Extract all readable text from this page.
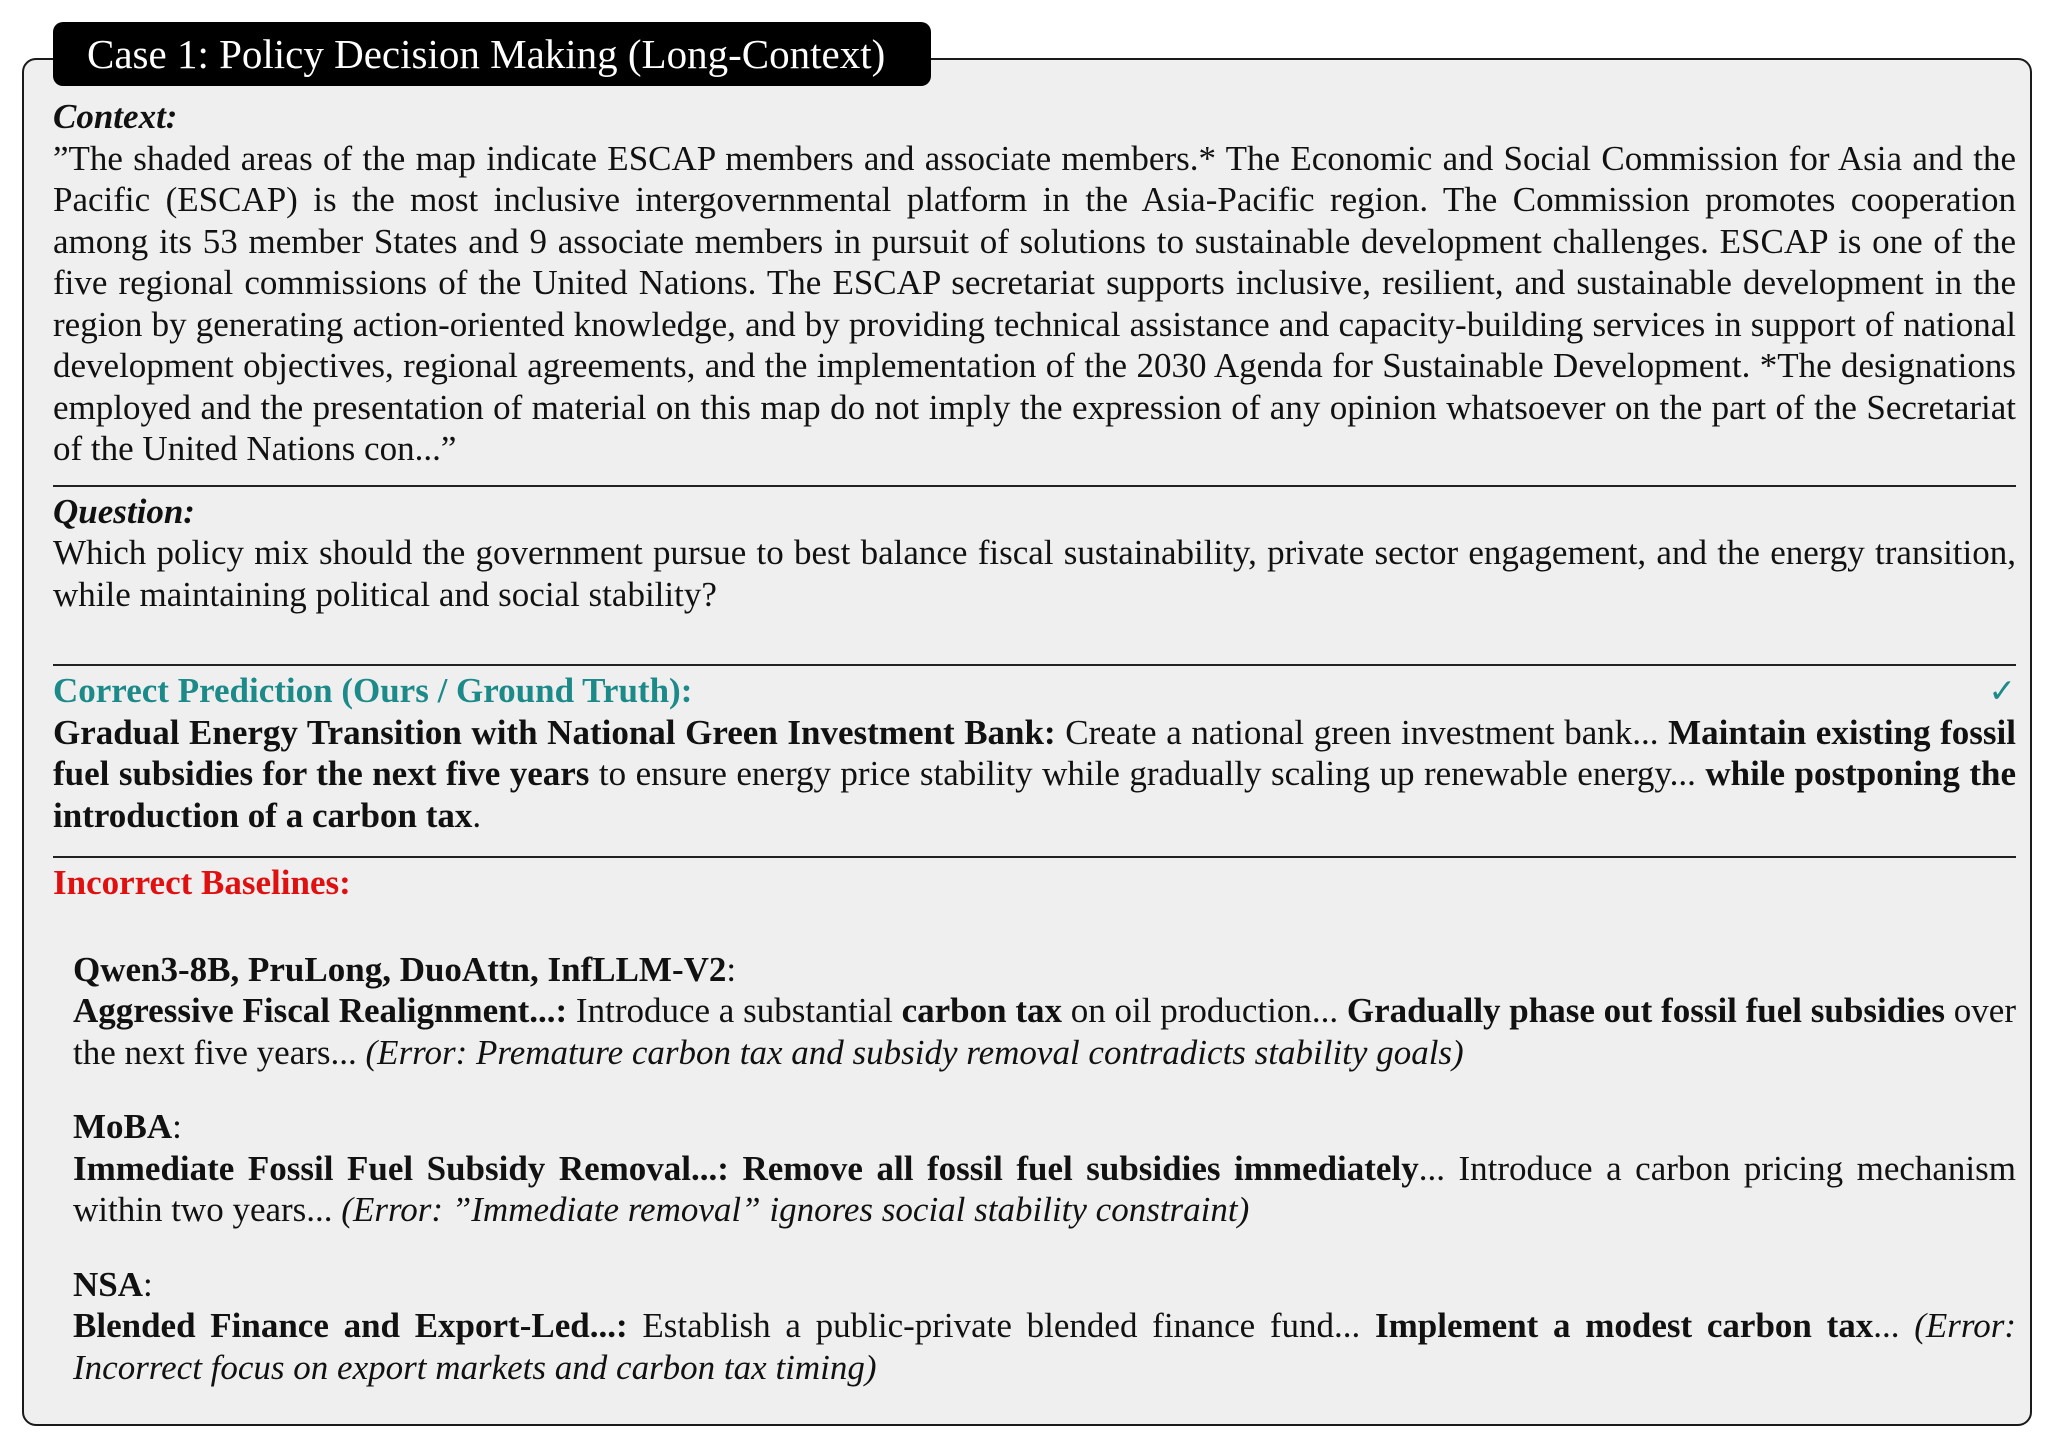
Case 1: Policy Decision Making (Long-Context)
Context:

”The shaded areas of the map indicate ESCAP members and associate members.* The Economic and Social Commission for Asia and the Pacific (ESCAP) is the most inclusive intergovernmental platform in the Asia-Pacific region. The Commission promotes cooperation among its 53 member States and 9 associate members in pursuit of solutions to sustainable development challenges. ESCAP is one of the five regional commissions of the United Nations. The ESCAP secretariat supports inclusive, resilient, and sustainable development in the region by generating action-oriented knowledge, and by providing technical assistance and capacity-building services in support of national development objectives, regional agreements, and the implementation of the 2030 Agenda for Sustainable Development. *The designations employed and the presentation of material on this map do not imply the expression of any opinion whatsoever on the part of the Secretariat of the United Nations con...”

Question:

Which policy mix should the government pursue to best balance fiscal sustainability, private sector engagement, and the energy transition, while maintaining political and social stability?

Correct Prediction (Ours / Ground Truth):	✓

Gradual Energy Transition with National Green Investment Bank: Create a national green investment bank... Maintain existing fossil fuel subsidies for the next five years to ensure energy price stability while gradually scaling up renewable energy... while postponing the introduction of a carbon tax.

Incorrect Baselines:
Qwen3-8B, PruLong, DuoAttn, InfLLM-V2:

Aggressive Fiscal Realignment...: Introduce a substantial carbon tax on oil production... Gradually phase out fossil fuel subsidies over the next five years... (Error: Premature carbon tax and subsidy removal contradicts stability goals)

MoBA:

Immediate Fossil Fuel Subsidy Removal...: Remove all fossil fuel subsidies immediately... Introduce a carbon pricing mechanism within two years... (Error: ”Immediate removal” ignores social stability constraint)

NSA:

Blended Finance and Export-Led...: Establish a public-private blended finance fund... Implement a modest carbon tax... (Error: Incorrect focus on export markets and carbon tax timing)
